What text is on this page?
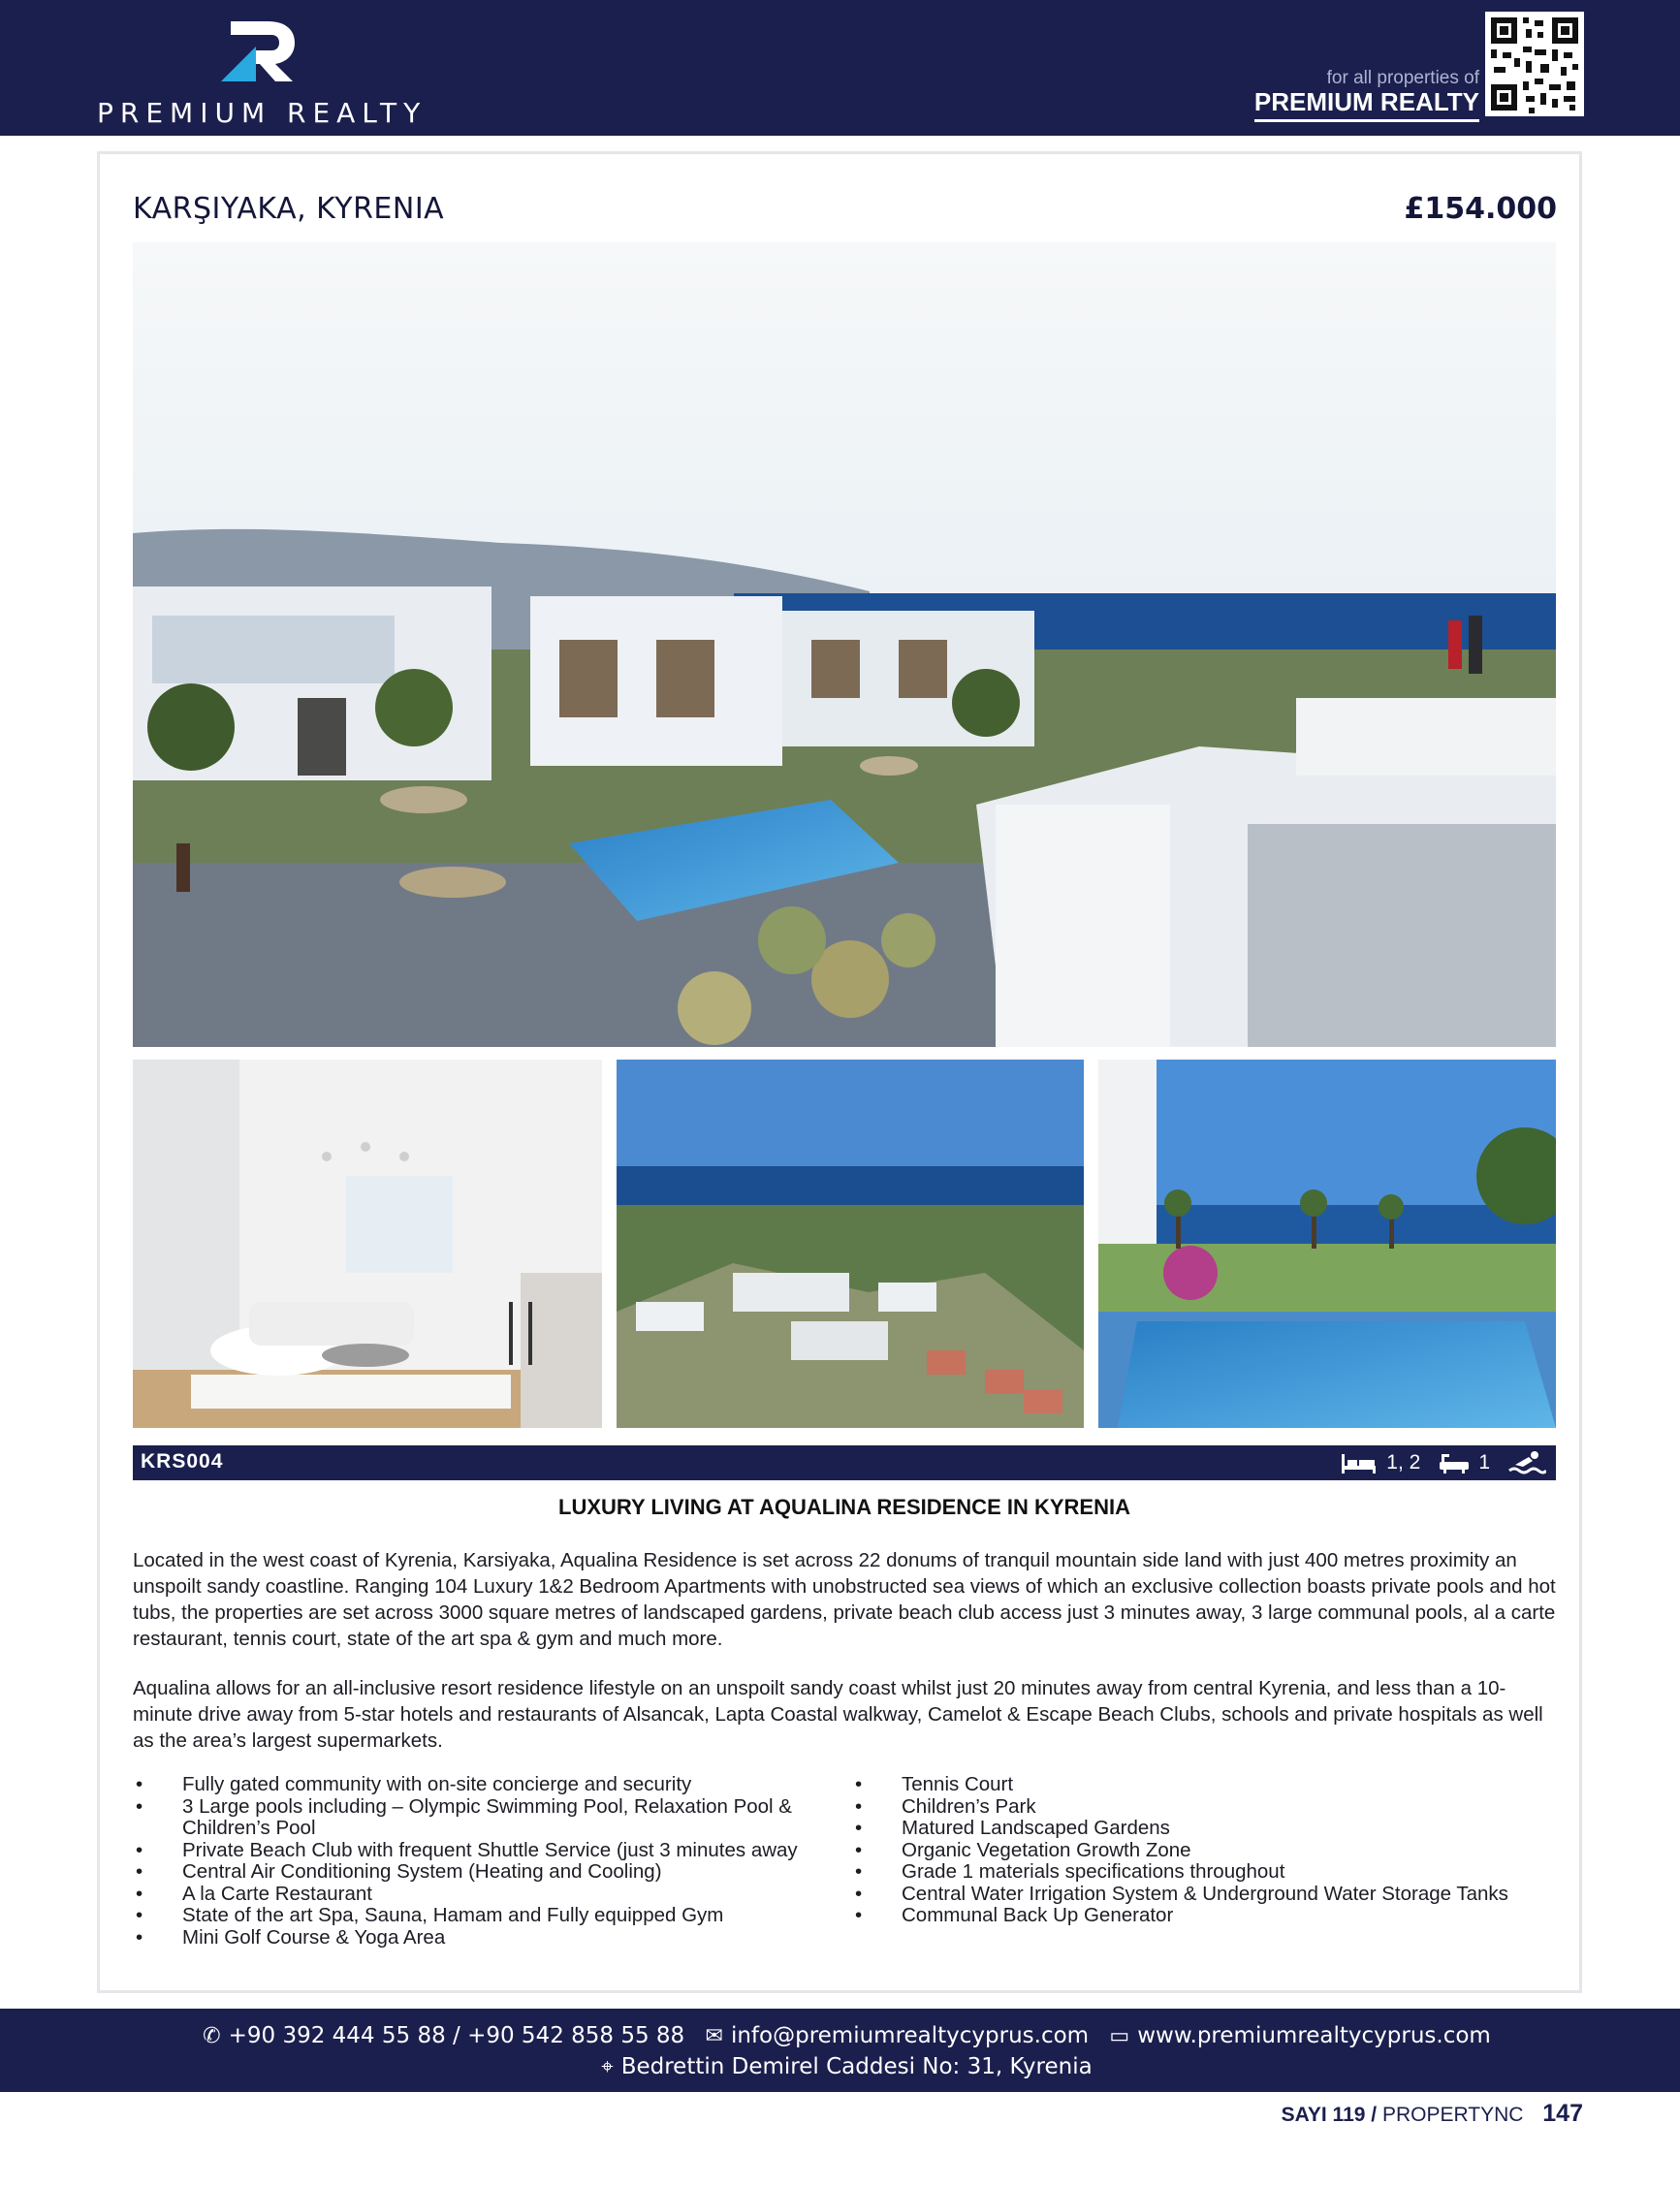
PREMIUM REALTY
for all properties of
PREMIUM REALTY
KARŞIYAKA, KYRENIA	£154.000
KRS004	1, 2	1
LUXURY LIVING AT AQUALINA RESIDENCE IN KYRENIA

Located in the west coast of Kyrenia, Karsiyaka, Aqualina Residence is set across 22 donums of tranquil mountain side land with just 400 metres proximity an unspoilt sandy coastline. Ranging 104 Luxury 1&2 Bedroom Apartments with unobstructed sea views of which an exclusive collection boasts private pools and hot tubs, the properties are set across 3000 square metres of landscaped gardens, private beach club access just 3 minutes away, 3 large communal pools, al a carte restaurant, tennis court, state of the art spa & gym and much more.

Aqualina allows for an all-inclusive resort residence lifestyle on an unspoilt sandy coast whilst just 20 minutes away from central Kyrenia, and less than a 10-minute drive away from 5-star hotels and restaurants of Alsancak, Lapta Coastal walkway, Camelot & Escape Beach Clubs, schools and private hospitals as well as the area’s largest supermarkets.

• Fully gated community with on-site concierge and security
• 3 Large pools including – Olympic Swimming Pool, Relaxation Pool & Children’s Pool
• Private Beach Club with frequent Shuttle Service (just 3 minutes away
• Central Air Conditioning System (Heating and Cooling)
• A la Carte Restaurant
• State of the art Spa, Sauna, Hamam and Fully equipped Gym
• Mini Golf Course & Yoga Area
• Tennis Court
• Children’s Park
• Matured Landscaped Gardens
• Organic Vegetation Growth Zone
• Grade 1 materials specifications throughout
• Central Water Irrigation System & Underground Water Storage Tanks
• Communal Back Up Generator
✆ +90 392 444 55 88 / +90 542 858 55 88 ✉ info@premiumrealtycyprus.com ▭ www.premiumrealtycyprus.com
⌖ Bedrettin Demirel Caddesi No: 31, Kyrenia
SAYI 119 / PROPERTYNC 147
